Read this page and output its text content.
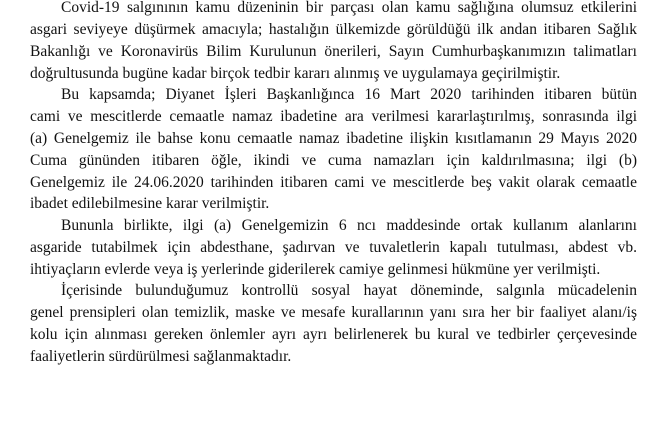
Covid-19 salgınının kamu düzeninin bir parçası olan kamu sağlığına olumsuz etkilerini
asgari seviyeye düşürmek amacıyla; hastalığın ülkemizde görüldüğü ilk andan itibaren Sağlık
Bakanlığı ve Koronavirüs Bilim Kurulunun önerileri, Sayın Cumhurbaşkanımızın talimatları
doğrultusunda bugüne kadar birçok tedbir kararı alınmış ve uygulamaya geçirilmiştir.
Bu kapsamda; Diyanet İşleri Başkanlığınca 16 Mart 2020 tarihinden itibaren bütün
cami ve mescitlerde cemaatle namaz ibadetine ara verilmesi kararlaştırılmış, sonrasında ilgi
(a) Genelgemiz ile bahse konu cemaatle namaz ibadetine ilişkin kısıtlamanın 29 Mayıs 2020
Cuma gününden itibaren öğle, ikindi ve cuma namazları için kaldırılmasına; ilgi (b)
Genelgemiz ile 24.06.2020 tarihinden itibaren cami ve mescitlerde beş vakit olarak cemaatle
ibadet edilebilmesine karar verilmiştir.
Bununla birlikte, ilgi (a) Genelgemizin 6 ncı maddesinde ortak kullanım alanlarını
asgaride tutabilmek için abdesthane, şadırvan ve tuvaletlerin kapalı tutulması, abdest vb.
ihtiyaçların evlerde veya iş yerlerinde giderilerek camiye gelinmesi hükmüne yer verilmişti.
İçerisinde bulunduğumuz kontrollü sosyal hayat döneminde, salgınla mücadelenin
genel prensipleri olan temizlik, maske ve mesafe kurallarının yanı sıra her bir faaliyet alanı/iş
kolu için alınması gereken önlemler ayrı ayrı belirlenerek bu kural ve tedbirler çerçevesinde
faaliyetlerin sürdürülmesi sağlanmaktadır.
